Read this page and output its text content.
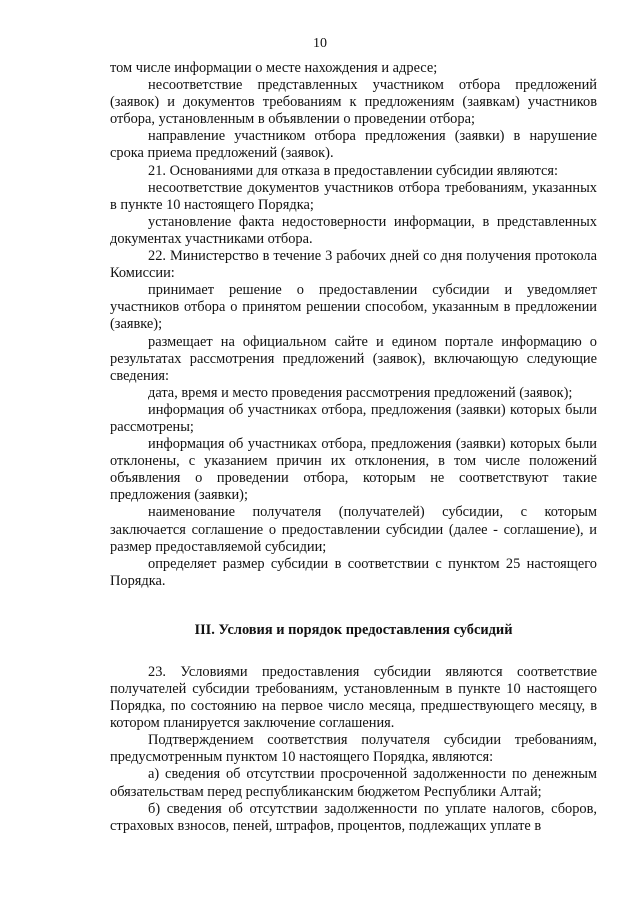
10

том числе информации о месте нахождения и адресе;

несоответствие представленных участником отбора предложений (заявок) и документов требованиям к предложениям (заявкам) участников отбора, установленным в объявлении о проведении отбора;

направление участником отбора предложения (заявки) в нарушение срока приема предложений (заявок).

21. Основаниями для отказа в предоставлении субсидии являются:

несоответствие документов участников отбора требованиям, указанных в пункте 10 настоящего Порядка;

установление факта недостоверности информации, в представленных документах участниками отбора.

22. Министерство в течение 3 рабочих дней со дня получения протокола Комиссии:

принимает решение о предоставлении субсидии и уведомляет участников отбора о принятом решении способом, указанным в предложении (заявке);

размещает на официальном сайте и едином портале информацию о результатах рассмотрения предложений (заявок), включающую следующие сведения:

дата, время и место проведения рассмотрения предложений (заявок);

информация об участниках отбора, предложения (заявки) которых были рассмотрены;

информация об участниках отбора, предложения (заявки) которых были отклонены, с указанием причин их отклонения, в том числе положений объявления о проведении отбора, которым не соответствуют такие предложения (заявки);

наименование получателя (получателей) субсидии, с которым заключается соглашение о предоставлении субсидии (далее - соглашение), и размер предоставляемой субсидии;

определяет размер субсидии в соответствии с пунктом 25 настоящего Порядка.

III. Условия и порядок предоставления субсидий

23. Условиями предоставления субсидии являются соответствие получателей субсидии требованиям, установленным в пункте 10 настоящего Порядка, по состоянию на первое число месяца, предшествующего месяцу, в котором планируется заключение соглашения.

Подтверждением соответствия получателя субсидии требованиям, предусмотренным пунктом 10 настоящего Порядка, являются:

а) сведения об отсутствии просроченной задолженности по денежным обязательствам перед республиканским бюджетом Республики Алтай;

б) сведения об отсутствии задолженности по уплате налогов, сборов, страховых взносов, пеней, штрафов, процентов, подлежащих уплате в
